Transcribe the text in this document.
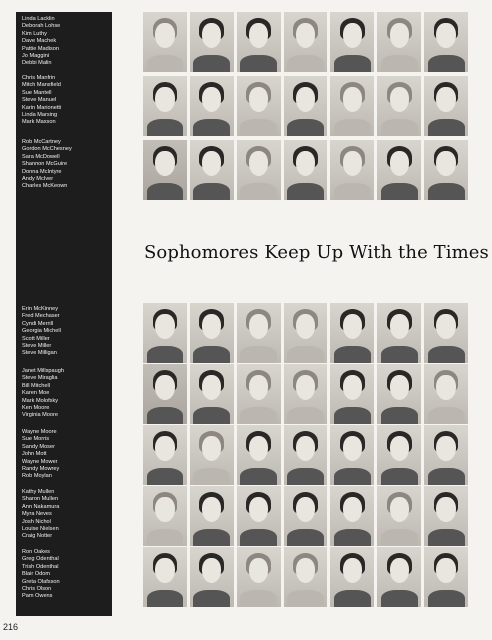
Linda Lacklin
Deborah Lohse
Kim Luthy
Dave Machek
Pattie Madison
Jo Maggini
Debbi Malin
Chris Manfrin
Mitch Mansfield
Sue Mantell
Steve Manuel
Karin Marionetti
Linda Marsing
Mark Maxson
Rob McCartney
Gordon McChesney
Sara McDowell
Shannon McGuire
Donna McIntyre
Andy McIver
Charles McKeown
Erin McKinney
Fred Mechaser
Cyndi Merrill
Georgia Michell
Scott Miller
Steve Miller
Steve Milligan
Janet Millspaugh
Steve Miraglia
Bill Mitchell
Karen Moe
Mark Molofsky
Ken Moore
Virginia Moore
Wayne Moore
Sue Morris
Sandy Moser
John Mott
Wayne Mower
Randy Mowrey
Rob Moylan
Kathy Mullen
Sharon Mullen
Ann Nakamura
Myra Neves
Josh Nichol
Louise Nielsen
Craig Notter
Ron Oakes
Greg Odenthal
Trish Odenthal
Blair Odom
Greta Olafsson
Chris Olson
Pam Owens
Sophomores Keep Up With the Times
216
